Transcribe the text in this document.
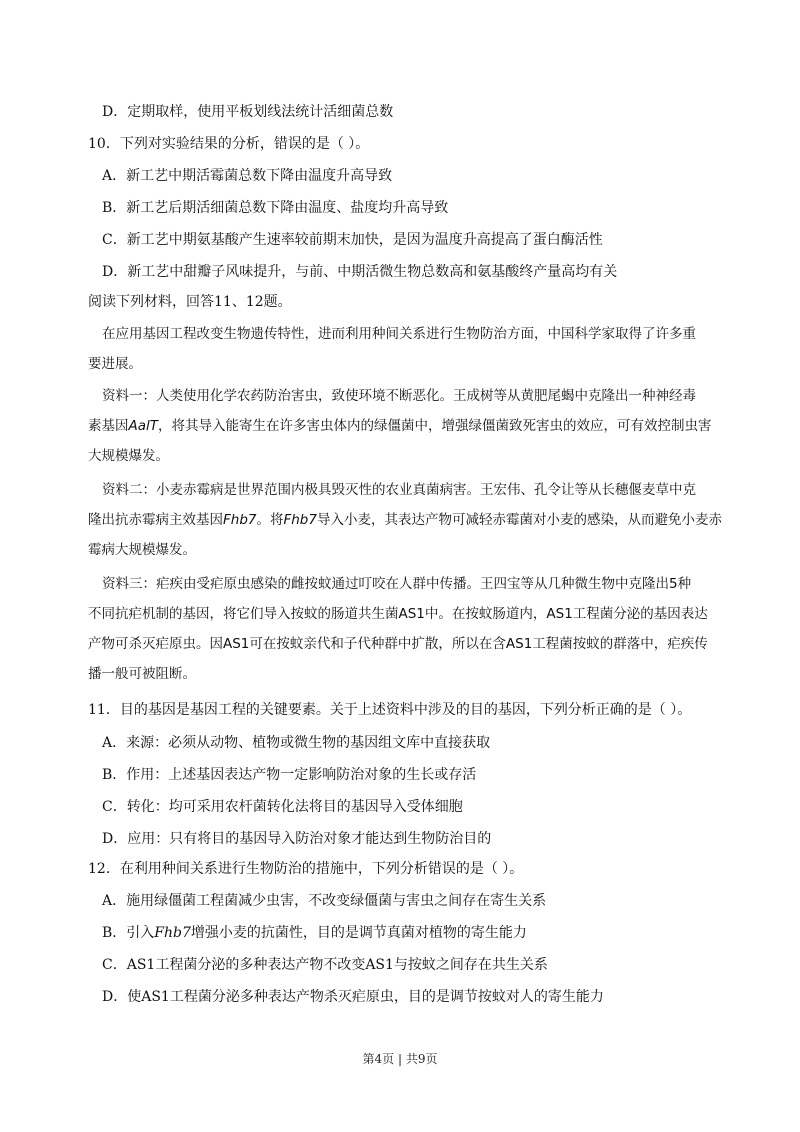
D．定期取样，使用平板划线法统计活细菌总数
10．下列对实验结果的分析，错误的是（ ）。
A．新工艺中期活霉菌总数下降由温度升高导致
B．新工艺后期活细菌总数下降由温度、盐度均升高导致
C．新工艺中期氨基酸产生速率较前期末加快，是因为温度升高提高了蛋白酶活性
D．新工艺中甜瓣子风味提升，与前、中期活微生物总数高和氨基酸终产量高均有关
阅读下列材料，回答11、12题。
在应用基因工程改变生物遗传特性，进而利用种间关系进行生物防治方面，中国科学家取得了许多重
要进展。
资料一：人类使用化学农药防治害虫，致使环境不断恶化。王成树等从黄肥尾蝎中克隆出一种神经毒
素基因AalT，将其导入能寄生在许多害虫体内的绿僵菌中，增强绿僵菌致死害虫的效应，可有效控制虫害
大规模爆发。
资料二：小麦赤霉病是世界范围内极具毁灭性的农业真菌病害。王宏伟、孔令让等从长穗偃麦草中克
隆出抗赤霉病主效基因Fhb7。将Fhb7导入小麦，其表达产物可减轻赤霉菌对小麦的感染，从而避免小麦赤
霉病大规模爆发。
资料三：疟疾由受疟原虫感染的雌按蚊通过叮咬在人群中传播。王四宝等从几种微生物中克隆出5种
不同抗疟机制的基因，将它们导入按蚊的肠道共生菌AS1中。在按蚊肠道内，AS1工程菌分泌的基因表达
产物可杀灭疟原虫。因AS1可在按蚊亲代和子代种群中扩散，所以在含AS1工程菌按蚊的群落中，疟疾传
播一般可被阻断。
11．目的基因是基因工程的关键要素。关于上述资料中涉及的目的基因，下列分析正确的是（ ）。
A．来源：必须从动物、植物或微生物的基因组文库中直接获取
B．作用：上述基因表达产物一定影响防治对象的生长或存活
C．转化：均可采用农杆菌转化法将目的基因导入受体细胞
D．应用：只有将目的基因导入防治对象才能达到生物防治目的
12．在利用种间关系进行生物防治的措施中，下列分析错误的是（ ）。
A．施用绿僵菌工程菌减少虫害，不改变绿僵菌与害虫之间存在寄生关系
B．引入Fhb7增强小麦的抗菌性，目的是调节真菌对植物的寄生能力
C．AS1工程菌分泌的多种表达产物不改变AS1与按蚊之间存在共生关系
D．使AS1工程菌分泌多种表达产物杀灭疟原虫，目的是调节按蚊对人的寄生能力
第4页 | 共9页
